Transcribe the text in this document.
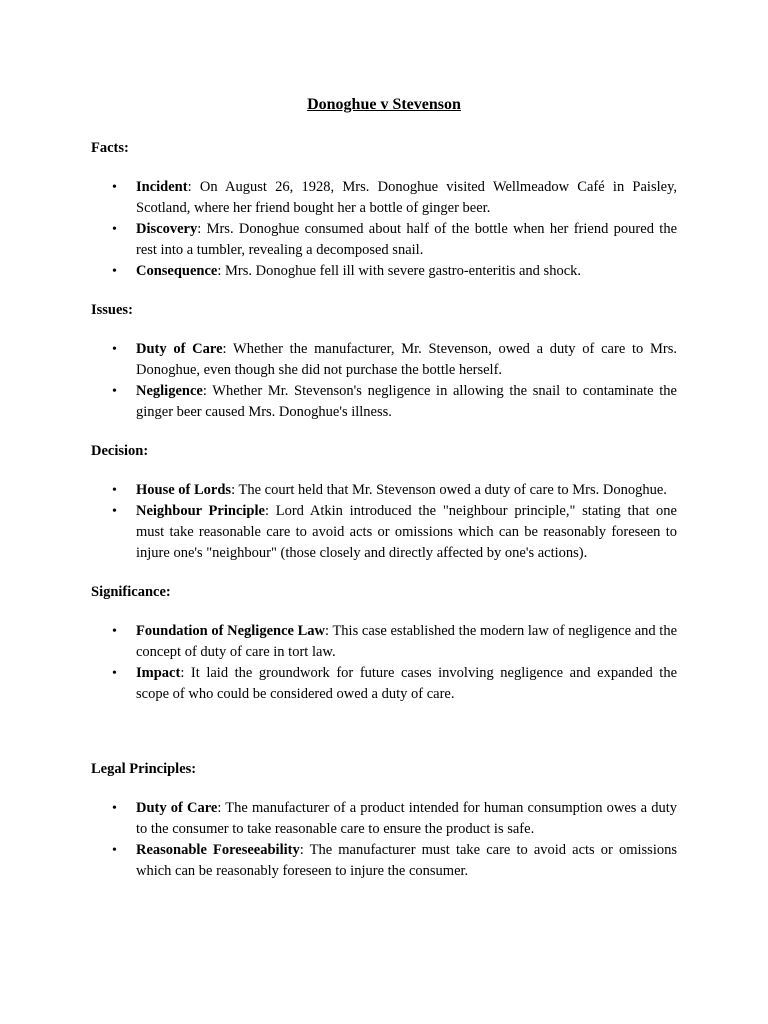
Donoghue v Stevenson
Facts:
• Incident: On August 26, 1928, Mrs. Donoghue visited Wellmeadow Café in Paisley, Scotland, where her friend bought her a bottle of ginger beer.
• Discovery: Mrs. Donoghue consumed about half of the bottle when her friend poured the rest into a tumbler, revealing a decomposed snail.
• Consequence: Mrs. Donoghue fell ill with severe gastro-enteritis and shock.
Issues:
• Duty of Care: Whether the manufacturer, Mr. Stevenson, owed a duty of care to Mrs. Donoghue, even though she did not purchase the bottle herself.
• Negligence: Whether Mr. Stevenson's negligence in allowing the snail to contaminate the ginger beer caused Mrs. Donoghue's illness.
Decision:
• House of Lords: The court held that Mr. Stevenson owed a duty of care to Mrs. Donoghue.
• Neighbour Principle: Lord Atkin introduced the "neighbour principle," stating that one must take reasonable care to avoid acts or omissions which can be reasonably foreseen to injure one's "neighbour" (those closely and directly affected by one's actions).
Significance:
• Foundation of Negligence Law: This case established the modern law of negligence and the concept of duty of care in tort law.
• Impact: It laid the groundwork for future cases involving negligence and expanded the scope of who could be considered owed a duty of care.
Legal Principles:
• Duty of Care: The manufacturer of a product intended for human consumption owes a duty to the consumer to take reasonable care to ensure the product is safe.
• Reasonable Foreseeability: The manufacturer must take care to avoid acts or omissions which can be reasonably foreseen to injure the consumer.
